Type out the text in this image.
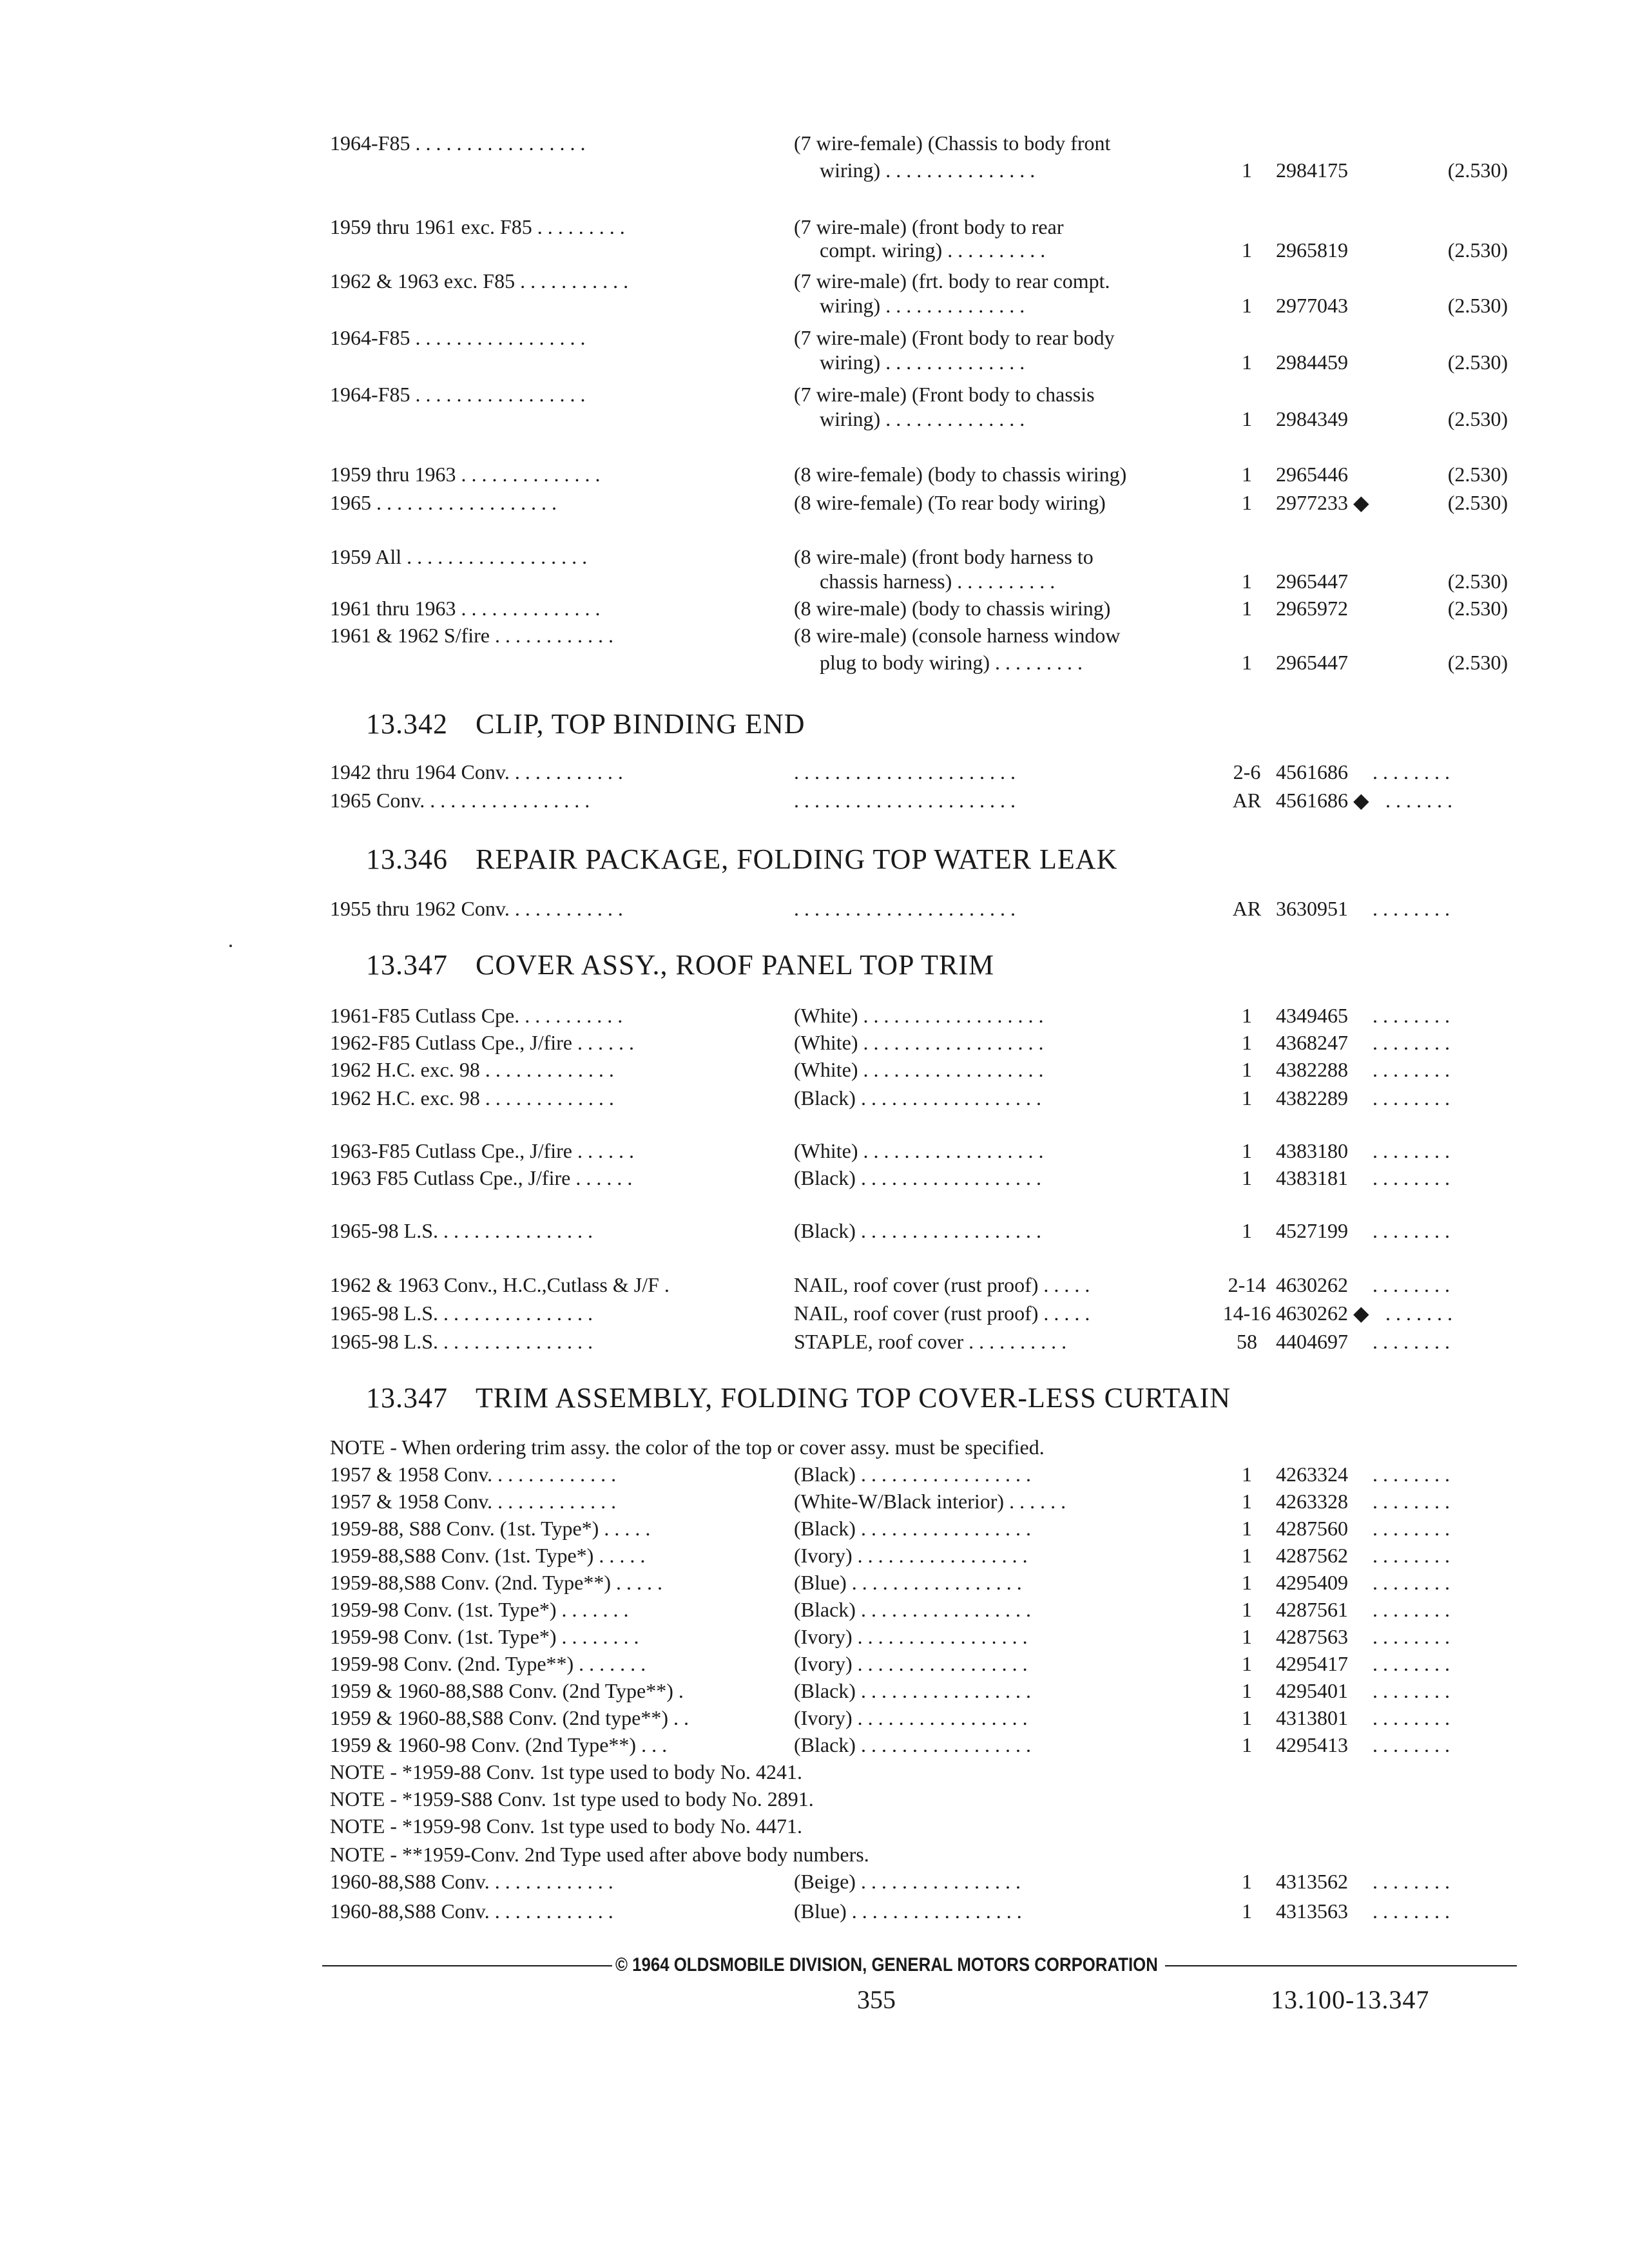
1964-F85 . . . . . . . . . . . . . . . . .	(7 wire-female) (Chassis to body front
wiring) . . . . . . . . . . . . . . .	1	2984175	(2.530)
1959 thru 1961 exc. F85 . . . . . . . . .	(7 wire-male) (front body to rear
compt. wiring) . . . . . . . . . .	1	2965819	(2.530)
1962 & 1963 exc. F85 . . . . . . . . . . .	(7 wire-male) (frt. body to rear compt.
wiring) . . . . . . . . . . . . . .	1	2977043	(2.530)
1964-F85 . . . . . . . . . . . . . . . . .	(7 wire-male) (Front body to rear body
wiring) . . . . . . . . . . . . . .	1	2984459	(2.530)
1964-F85 . . . . . . . . . . . . . . . . .	(7 wire-male) (Front body to chassis
wiring) . . . . . . . . . . . . . .	1	2984349	(2.530)
1959 thru 1963 . . . . . . . . . . . . . .	(8 wire-female) (body to chassis wiring)	1	2965446	(2.530)
1965 . . . . . . . . . . . . . . . . . .	(8 wire-female) (To rear body wiring)	1	2977233 ◆	(2.530)
1959 All . . . . . . . . . . . . . . . . . .	(8 wire-male) (front body harness to
chassis harness) . . . . . . . . . .	1	2965447	(2.530)
1961 thru 1963 . . . . . . . . . . . . . .	(8 wire-male) (body to chassis wiring)	1	2965972	(2.530)
1961 & 1962 S/fire . . . . . . . . . . . .	(8 wire-male) (console harness window
plug to body wiring) . . . . . . . . .	1	2965447	(2.530)
13.342 CLIP, TOP BINDING END
1942 thru 1964 Conv. . . . . . . . . . . .	. . . . . . . . . . . . . . . . . . . . . .	2-6 4561686 . . . . . . . .
1965 Conv. . . . . . . . . . . . . . . . .	. . . . . . . . . . . . . . . . . . . . . .	AR 4561686 ◆ . . . . . . .
13.346 REPAIR PACKAGE, FOLDING TOP WATER LEAK
1955 thru 1962 Conv. . . . . . . . . . . .	. . . . . . . . . . . . . . . . . . . . . .	AR 3630951 . . . . . . . .
13.347 COVER ASSY., ROOF PANEL TOP TRIM
1961-F85 Cutlass Cpe. . . . . . . . . . .	(White) . . . . . . . . . . . . . . . . . .	1	4349465 . . . . . . . .
1962-F85 Cutlass Cpe., J/fire . . . . . .	(White) . . . . . . . . . . . . . . . . . .	1	4368247 . . . . . . . .
1962 H.C. exc. 98 . . . . . . . . . . . . .	(White) . . . . . . . . . . . . . . . . . .	1	4382288 . . . . . . . .
1962 H.C. exc. 98 . . . . . . . . . . . . .	(Black) . . . . . . . . . . . . . . . . . .	1	4382289 . . . . . . . .
1963-F85 Cutlass Cpe., J/fire . . . . . .	(White) . . . . . . . . . . . . . . . . . .	1	4383180 . . . . . . . .
1963 F85 Cutlass Cpe., J/fire . . . . . .	(Black) . . . . . . . . . . . . . . . . . .	1	4383181 . . . . . . . .
1965-98 L.S. . . . . . . . . . . . . . . .	(Black) . . . . . . . . . . . . . . . . . .	1	4527199 . . . . . . . .
1962 & 1963 Conv., H.C.,Cutlass & J/F .	NAIL, roof cover (rust proof) . . . . .	2-14 4630262 . . . . . . . .
1965-98 L.S. . . . . . . . . . . . . . . .	NAIL, roof cover (rust proof) . . . . .	14-16 4630262 ◆ . . . . . . .
1965-98 L.S. . . . . . . . . . . . . . . .	STAPLE, roof cover . . . . . . . . . .	58 4404697 . . . . . . . .
13.347 TRIM ASSEMBLY, FOLDING TOP COVER-LESS CURTAIN
NOTE - When ordering trim assy. the color of the top or cover assy. must be specified.
1957 & 1958 Conv. . . . . . . . . . . . .	(Black) . . . . . . . . . . . . . . . . .	1	4263324 . . . . . . . .
1957 & 1958 Conv. . . . . . . . . . . . .	(White-W/Black interior) . . . . . .	1	4263328 . . . . . . . .
1959-88, S88 Conv. (1st. Type*) . . . . .	(Black) . . . . . . . . . . . . . . . . .	1	4287560 . . . . . . . .
1959-88,S88 Conv. (1st. Type*) . . . . .	(Ivory) . . . . . . . . . . . . . . . . .	1	4287562 . . . . . . . .
1959-88,S88 Conv. (2nd. Type**) . . . . .	(Blue) . . . . . . . . . . . . . . . . .	1	4295409 . . . . . . . .
1959-98 Conv. (1st. Type*) . . . . . . .	(Black) . . . . . . . . . . . . . . . . .	1	4287561 . . . . . . . .
1959-98 Conv. (1st. Type*) . . . . . . . .	(Ivory) . . . . . . . . . . . . . . . . .	1	4287563 . . . . . . . .
1959-98 Conv. (2nd. Type**) . . . . . . .	(Ivory) . . . . . . . . . . . . . . . . .	1	4295417 . . . . . . . .
1959 & 1960-88,S88 Conv. (2nd Type**) .	(Black) . . . . . . . . . . . . . . . . .	1	4295401 . . . . . . . .
1959 & 1960-88,S88 Conv. (2nd type**) . .	(Ivory) . . . . . . . . . . . . . . . . .	1	4313801 . . . . . . . .
1959 & 1960-98 Conv. (2nd Type**) . . .	(Black) . . . . . . . . . . . . . . . . .	1	4295413 . . . . . . . .
NOTE - *1959-88 Conv. 1st type used to body No. 4241.
NOTE - *1959-S88 Conv. 1st type used to body No. 2891.
NOTE - *1959-98 Conv. 1st type used to body No. 4471.
NOTE - **1959-Conv. 2nd Type used after above body numbers.
1960-88,S88 Conv. . . . . . . . . . . . .	(Beige) . . . . . . . . . . . . . . . .	1	4313562 . . . . . . . .
1960-88,S88 Conv. . . . . . . . . . . . .	(Blue) . . . . . . . . . . . . . . . . .	1	4313563 . . . . . . . .
© 1964 OLDSMOBILE DIVISION, GENERAL MOTORS CORPORATION
355	13.100-13.347
